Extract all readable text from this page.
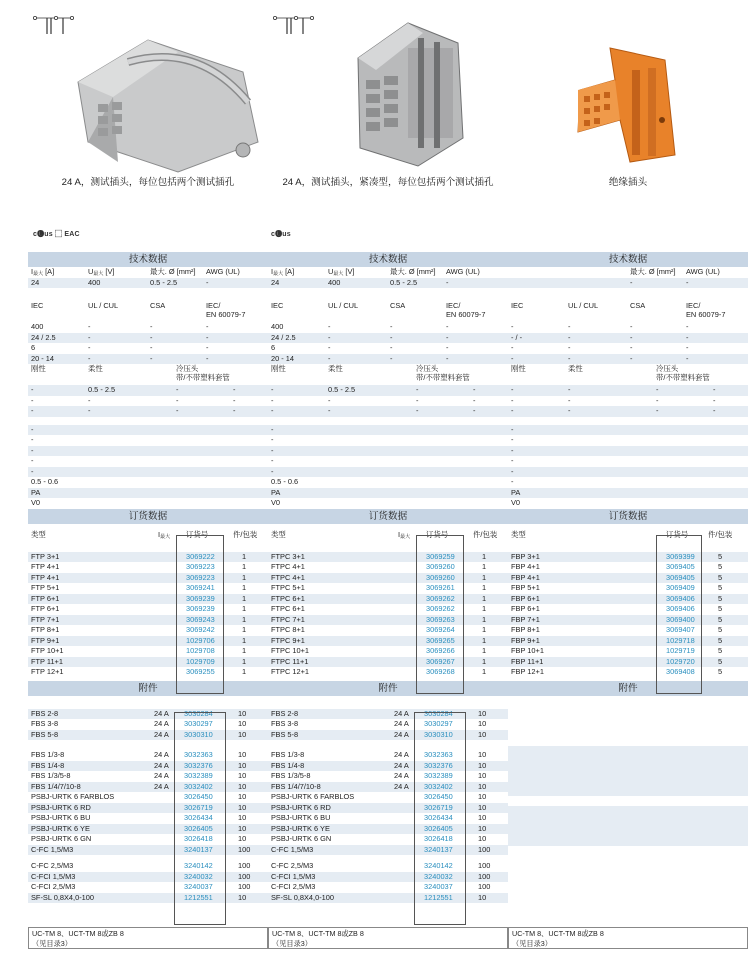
24 A，测试插头，每位包括两个测试插孔	24 A，测试插头，紧凑型，每位包括两个测试插孔	绝缘插头
c🅤us ⬚ EAC	c🅤us
技术数据
$I_{最大}$ [A]	$U_{最大}$ [V]	最大. Ø [mm²] AWG (UL)
24	400	0.5 - 2.5	-
IEC	UL / CUL	CSA	IEC/
EN 60079-7
400	-	-	-
24 / 2.5	-	-	-
6	-	-	-
20 - 14	-	-	-
刚性	柔性	冷压头
带/不带塑料套管
-	0.5 - 2.5	-	-
-	-	-	-
-	-	-	-
-
-
-
-
-
0.5 - 0.6
PA
V0
订货数据
类型	$I_{最大}$ 订货号	件/包装
FTP 3+1	3069222	1
FTP 4+1	3069223	1
FTP 4+1	3069223	1
FTP 5+1	3069241	1
FTP 6+1	3069239	1
FTP 6+1	3069239	1
FTP 7+1	3069243	1
FTP 8+1	3069242	1
FTP 9+1	1029706	1
FTP 10+1	1029708	1
FTP 11+1	1029709	1
FTP 12+1	3069255	1
附件
FBS 2-8	24 A 3030284	10
FBS 3-8	24 A 3030297	10
FBS 5-8	24 A 3030310	10
FBS 1/3-8	24 A 3032363	10
FBS 1/4-8	24 A 3032376	10
FBS 1/3/5-8	24 A 3032389	10
FBS 1/4/7/10-8	24 A 3032402	10
PSBJ-URTK 6 FARBLOS	3026450	10
PSBJ-URTK 6 RD	3026719	10
PSBJ-URTK 6 BU	3026434	10
PSBJ-URTK 6 YE	3026405	10
PSBJ-URTK 6 GN	3026418	10
C-FC 1,5/M3	3240137	100
C-FC 2,5/M3	3240142	100
C-FCI 1,5/M3	3240032	100
C-FCI 2,5/M3	3240037	100
SF-SL 0,8X4,0-100	1212551	10
技术数据
$I_{最大}$ [A]	$U_{最大}$ [V]	最大. Ø [mm²] AWG (UL)
24	400	0.5 - 2.5	-
IEC	UL / CUL	CSA	IEC/
EN 60079-7
400	-	-	-
24 / 2.5	-	-	-
6	-	-	-
20 - 14	-	-	-
刚性	柔性	冷压头
带/不带塑料套管
-	0.5 - 2.5	-	-
-	-	-	-
-	-	-	-
-
-
-
-
-
0.5 - 0.6
PA
V0
订货数据
类型	$I_{最大}$ 订货号	件/包装
FTPC 3+1	3069259	1
FTPC 4+1	3069260	1
FTPC 4+1	3069260	1
FTPC 5+1	3069261	1
FTPC 6+1	3069262	1
FTPC 6+1	3069262	1
FTPC 7+1	3069263	1
FTPC 8+1	3069264	1
FTPC 9+1	3069265	1
FTPC 10+1	3069266	1
FTPC 11+1	3069267	1
FTPC 12+1	3069268	1
附件
FBS 2-8	24 A 3030284	10
FBS 3-8	24 A 3030297	10
FBS 5-8	24 A 3030310	10
FBS 1/3-8	24 A 3032363	10
FBS 1/4-8	24 A 3032376	10
FBS 1/3/5-8	24 A 3032389	10
FBS 1/4/7/10-8	24 A 3032402	10
PSBJ-URTK 6 FARBLOS	3026450	10
PSBJ-URTK 6 RD	3026719	10
PSBJ-URTK 6 BU	3026434	10
PSBJ-URTK 6 YE	3026405	10
PSBJ-URTK 6 GN	3026418	10
C-FC 1,5/M3	3240137	100
C-FC 2,5/M3	3240142	100
C-FCI 1,5/M3	3240032	100
C-FCI 2,5/M3	3240037	100
SF-SL 0,8X4,0-100	1212551	10
技术数据
最大. Ø [mm²] AWG (UL)
-	-
IEC	UL / CUL	CSA	IEC/
EN 60079-7
-	-	-	-
- / -	-	-	-
-	-	-	-
-	-	-	-
刚性	柔性	冷压头
带/不带塑料套管
-	-	-	-
-	-	-	-
-	-	-	-
-
-
-
-
-
-
PA
V0
订货数据
类型	订货号	件/包装
FBP 3+1	3069399	5
FBP 4+1	3069405	5
FBP 4+1	3069405	5
FBP 5+1	3069409	5
FBP 6+1	3069406	5
FBP 6+1	3069406	5
FBP 7+1	3069400	5
FBP 8+1	3069407	5
FBP 9+1	1029718	5
FBP 10+1	1029719	5
FBP 11+1	1029720	5
FBP 12+1	3069408	5
附件
UC-TM 8、UCT-TM 8或ZB 8
（见目录3）
UC-TM 8、UCT-TM 8或ZB 8
（见目录3）
UC-TM 8、UCT-TM 8或ZB 8
（见目录3）
